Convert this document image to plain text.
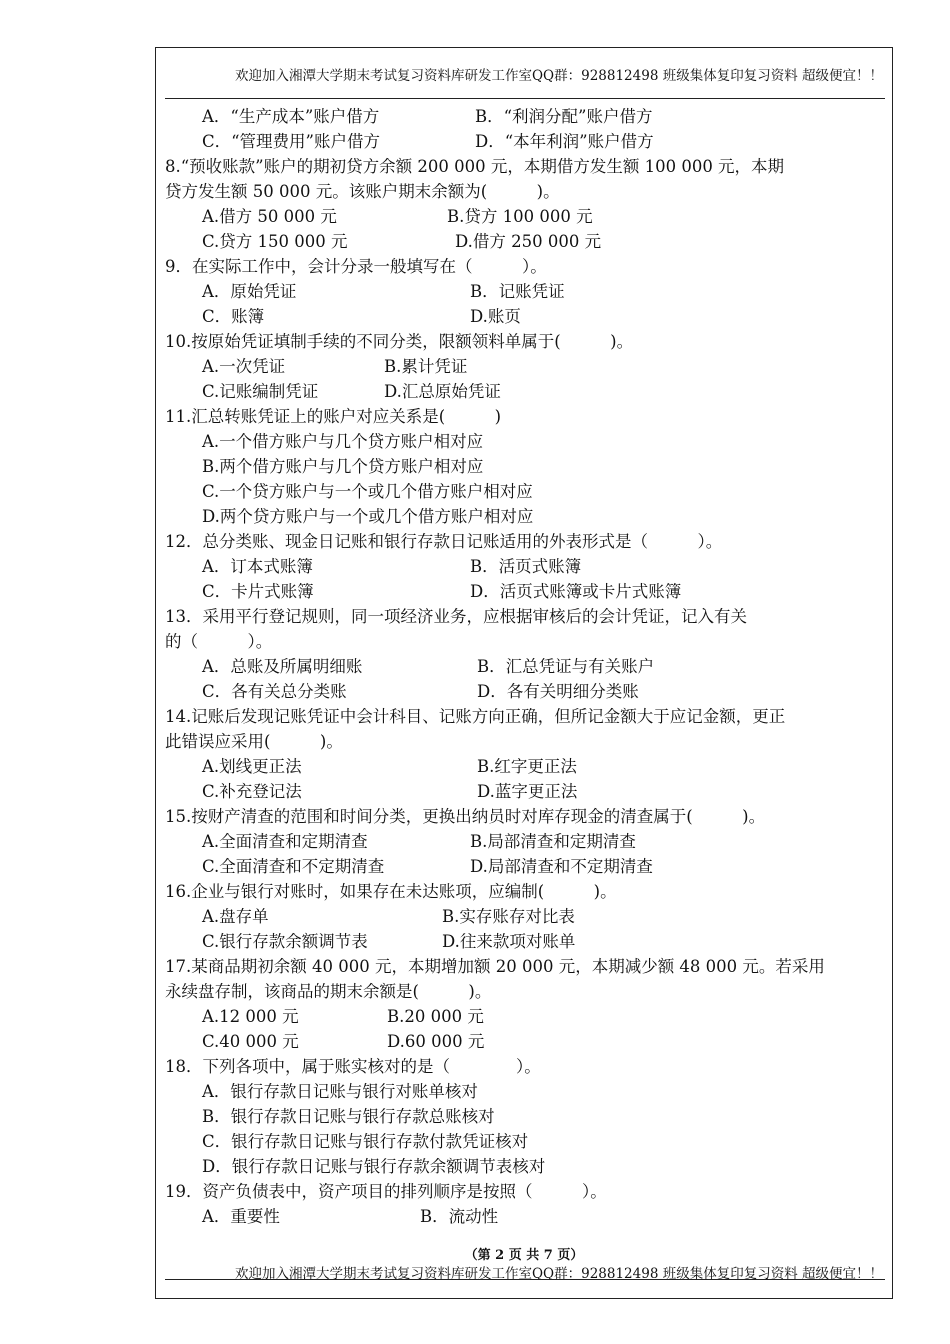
欢迎加入湘潭大学期末考试复习资料库研发工作室QQ群：928812498 班级集体复印复习资料 超级便宜！！
A．“生产成本”账户借方	B．“利润分配”账户借方
C．“管理费用”账户借方	D．“本年利润”账户借方
8.“预收账款”账户的期初贷方余额 200 000 元，本期借方发生额 100 000 元，本期
贷方发生额 50 000 元。该账户期末余额为(　　　)。
A.借方 50 000 元	B.贷方 100 000 元
C.贷方 150 000 元	D.借方 250 000 元
9．在实际工作中，会计分录一般填写在（　　　）。
A．原始凭证	B．记账凭证
C．账簿	D.账页
10.按原始凭证填制手续的不同分类，限额领料单属于(　　　)。
A.一次凭证	B.累计凭证
C.记账编制凭证	D.汇总原始凭证
11.汇总转账凭证上的账户对应关系是(　　　)
A.一个借方账户与几个贷方账户相对应
B.两个借方账户与几个贷方账户相对应
C.一个贷方账户与一个或几个借方账户相对应
D.两个贷方账户与一个或几个借方账户相对应
12．总分类账、现金日记账和银行存款日记账适用的外表形式是（　　　）。
A．订本式账簿	B．活页式账簿
C．卡片式账簿	D．活页式账簿或卡片式账簿
13．采用平行登记规则，同一项经济业务，应根据审核后的会计凭证，记入有关
的（　　　）。
A．总账及所属明细账	B．汇总凭证与有关账户
C．各有关总分类账	D．各有关明细分类账
14.记账后发现记账凭证中会计科目、记账方向正确，但所记金额大于应记金额，更正
此错误应采用(　　　)。
A.划线更正法	B.红字更正法
C.补充登记法	D.蓝字更正法
15.按财产清查的范围和时间分类，更换出纳员时对库存现金的清查属于(　　　)。
A.全面清查和定期清查	B.局部清查和定期清查
C.全面清查和不定期清查	D.局部清查和不定期清查
16.企业与银行对账时，如果存在未达账项，应编制(　　　)。
A.盘存单	B.实存账存对比表
C.银行存款余额调节表	D.往来款项对账单
17.某商品期初余额 40 000 元，本期增加额 20 000 元，本期减少额 48 000 元。若采用
永续盘存制，该商品的期末余额是(　　　)。
A.12 000 元	B.20 000 元
C.40 000 元	D.60 000 元
18．下列各项中，属于账实核对的是（　　　　）。
A．银行存款日记账与银行对账单核对
B．银行存款日记账与银行存款总账核对
C．银行存款日记账与银行存款付款凭证核对
D．银行存款日记账与银行存款余额调节表核对
19．资产负债表中，资产项目的排列顺序是按照（　　　）。
A．重要性	B．流动性
（第 2 页 共 7 页）
欢迎加入湘潭大学期末考试复习资料库研发工作室QQ群：928812498 班级集体复印复习资料 超级便宜！！
